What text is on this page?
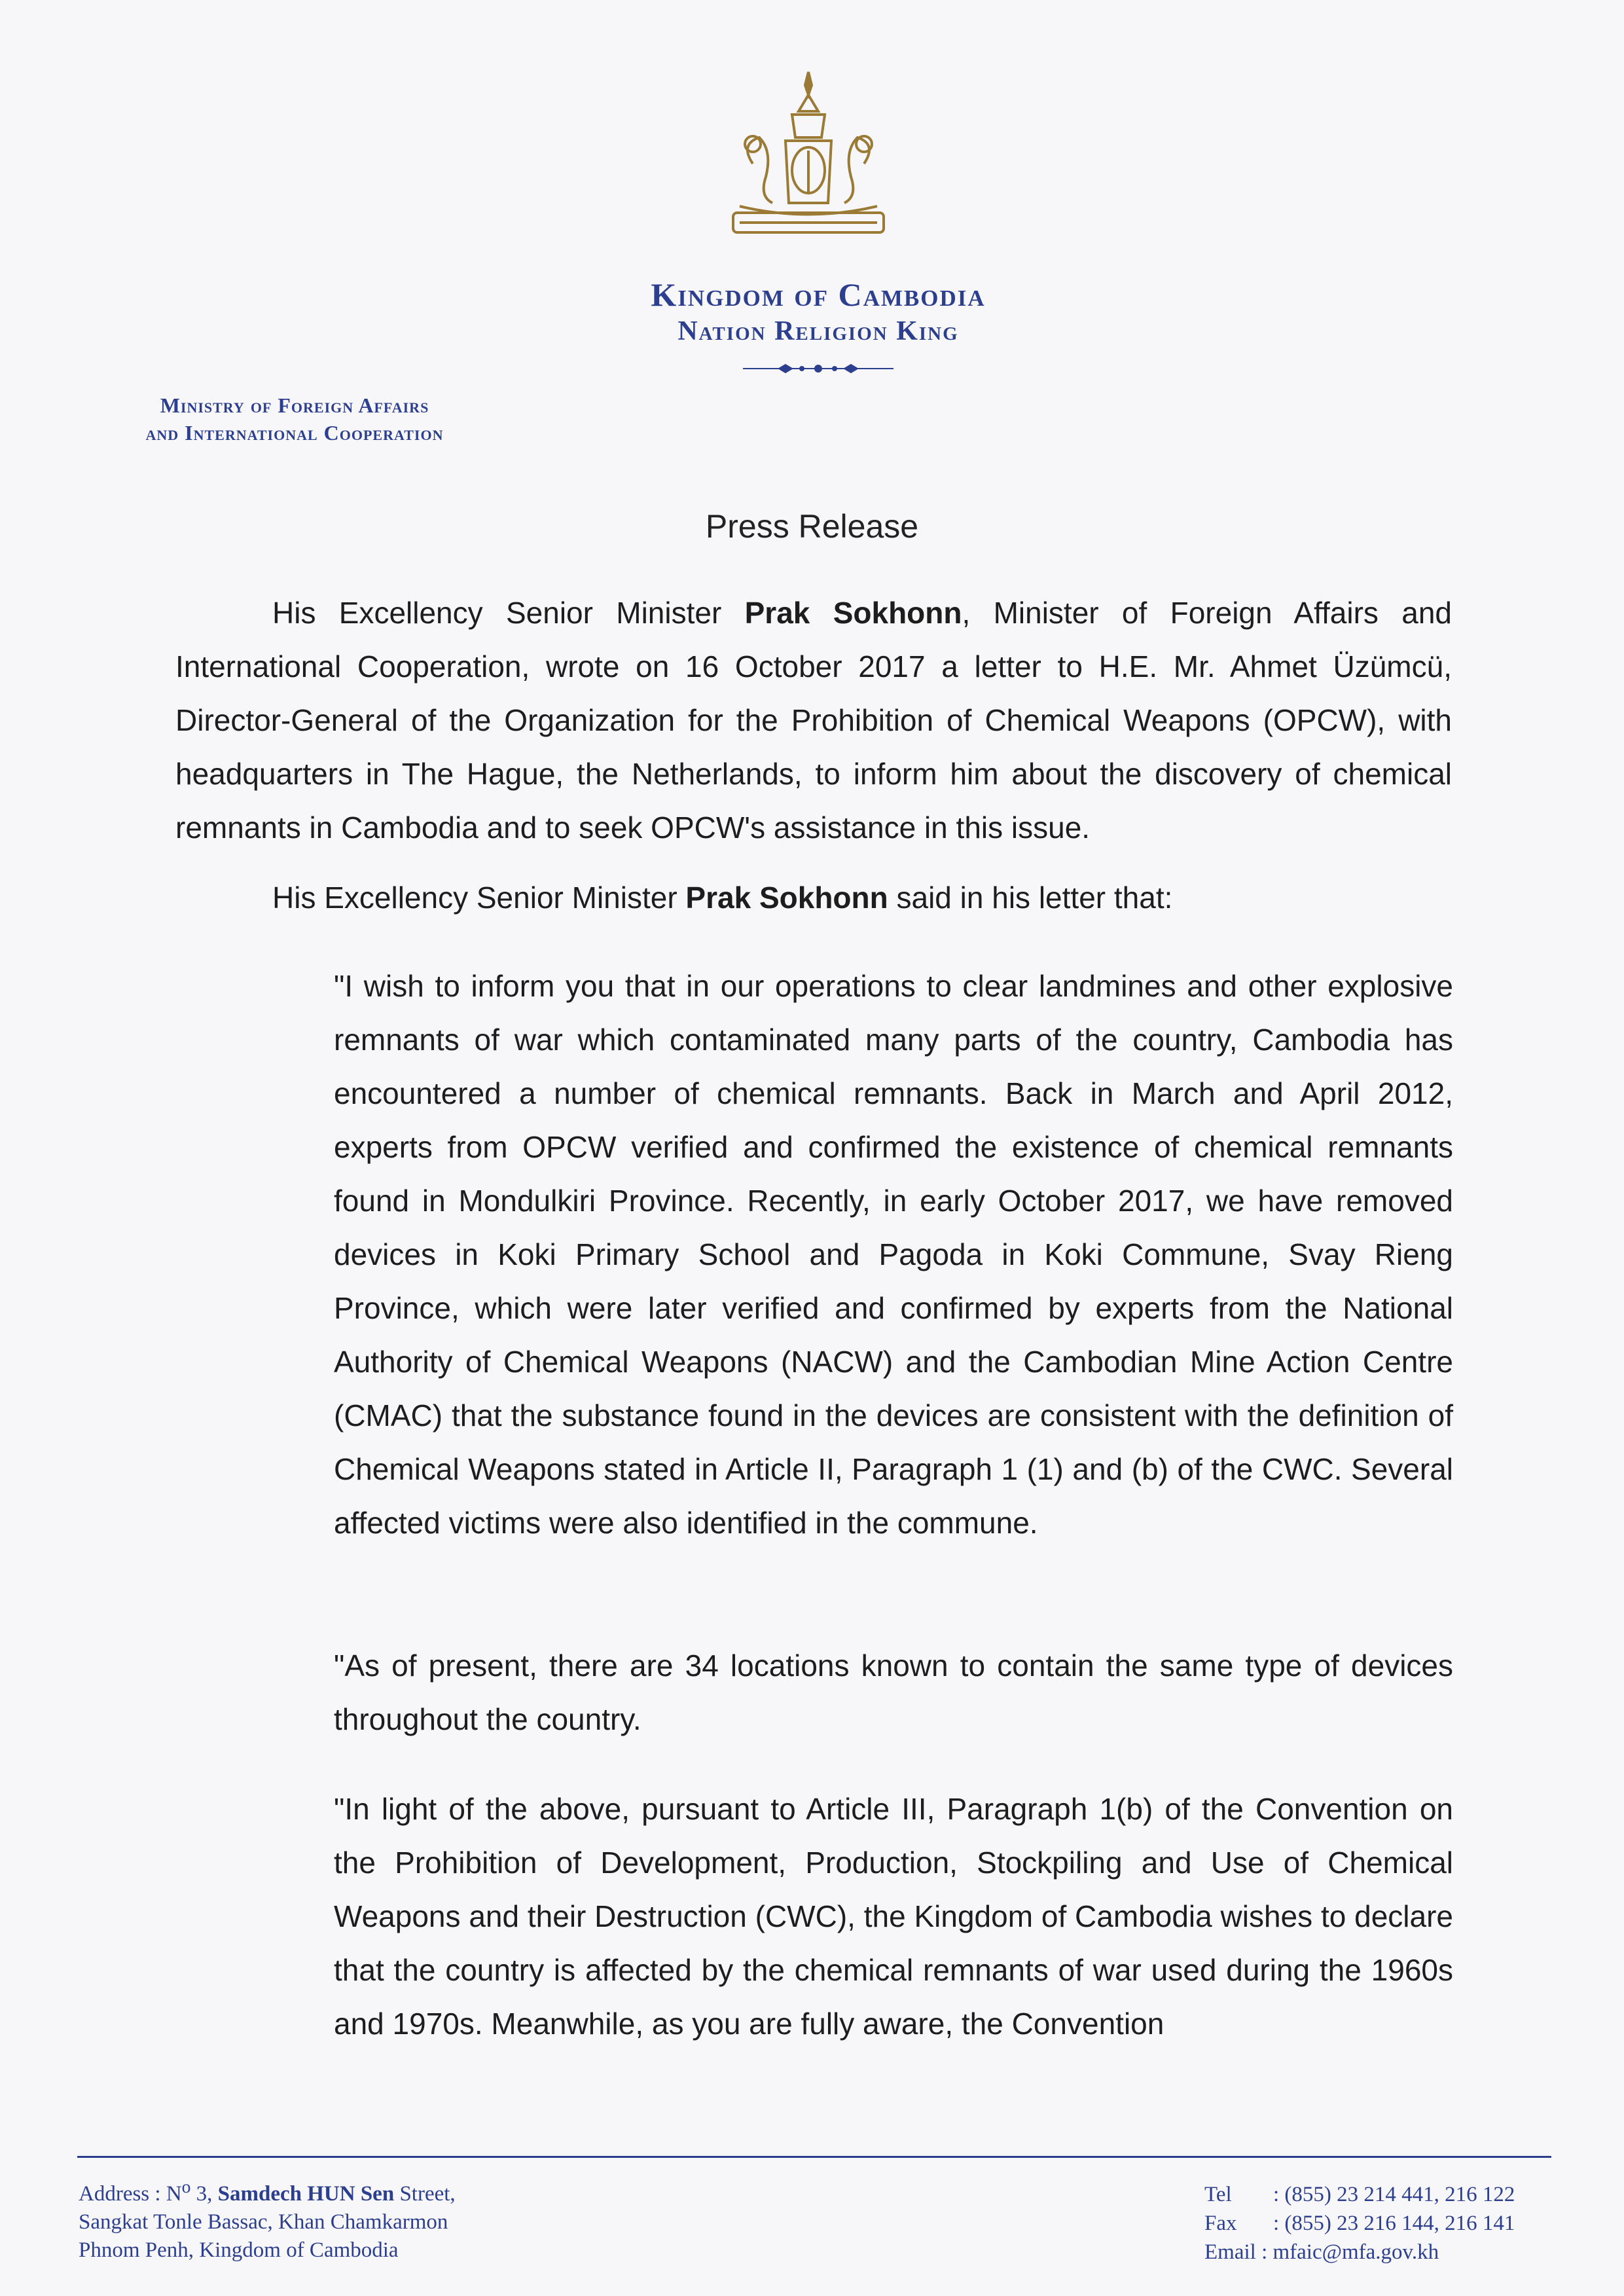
Kingdom of Cambodia
Nation Religion King
Ministry of Foreign Affairs
and International Cooperation
Press Release
His Excellency Senior Minister Prak Sokhonn, Minister of Foreign Affairs and International Cooperation, wrote on 16 October 2017 a letter to H.E. Mr. Ahmet Üzümcü, Director-General of the Organization for the Prohibition of Chemical Weapons (OPCW), with headquarters in The Hague, the Netherlands, to inform him about the discovery of chemical remnants in Cambodia and to seek OPCW's assistance in this issue.
His Excellency Senior Minister Prak Sokhonn said in his letter that:
"I wish to inform you that in our operations to clear landmines and other explosive remnants of war which contaminated many parts of the country, Cambodia has encountered a number of chemical remnants. Back in March and April 2012, experts from OPCW verified and confirmed the existence of chemical remnants found in Mondulkiri Province. Recently, in early October 2017, we have removed devices in Koki Primary School and Pagoda in Koki Commune, Svay Rieng Province, which were later verified and confirmed by experts from the National Authority of Chemical Weapons (NACW) and the Cambodian Mine Action Centre (CMAC) that the substance found in the devices are consistent with the definition of Chemical Weapons stated in Article II, Paragraph 1 (1) and (b) of the CWC. Several affected victims were also identified in the commune.
"As of present, there are 34 locations known to contain the same type of devices throughout the country.
"In light of the above, pursuant to Article III, Paragraph 1(b) of the Convention on the Prohibition of Development, Production, Stockpiling and Use of Chemical Weapons and their Destruction (CWC), the Kingdom of Cambodia wishes to declare that the country is affected by the chemical remnants of war used during the 1960s and 1970s. Meanwhile, as you are fully aware, the Convention
Address : $N^o$ 3, Samdech HUN Sen Street,
Sangkat Tonle Bassac, Khan Chamkarmon
Phnom Penh, Kingdom of Cambodia
Tel : (855) 23 214 441, 216 122
Fax : (855) 23 216 144, 216 141
Email : mfaic@mfa.gov.kh
